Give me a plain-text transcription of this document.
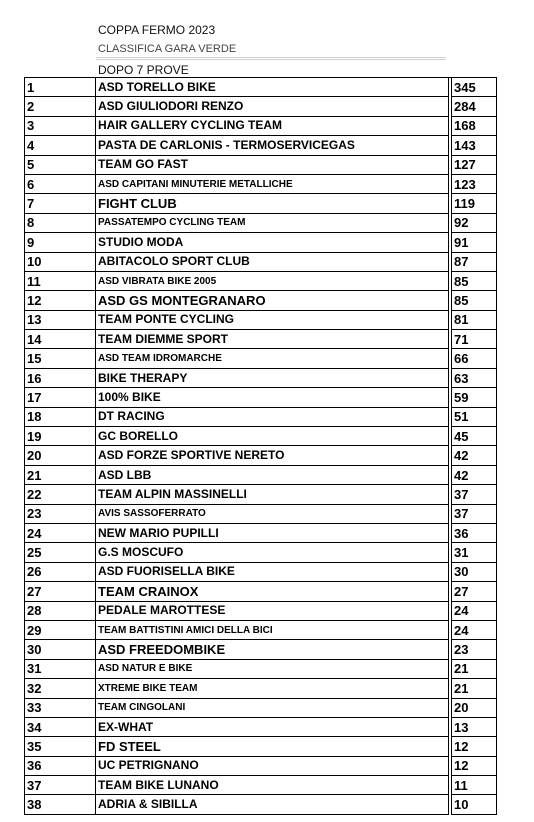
COPPA FERMO 2023
CLASSIFICA GARA VERDE
DOPO 7 PROVE
1	ASD TORELLO BIKE		345
2	ASD GIULIODORI RENZO		284
3	HAIR GALLERY CYCLING TEAM		168
4	PASTA DE CARLONIS - TERMOSERVICEGAS		143
5	TEAM GO FAST		127
6	ASD CAPITANI MINUTERIE METALLICHE		123
7	FIGHT CLUB		119
8	PASSATEMPO CYCLING TEAM		92
9	STUDIO MODA		91
10	ABITACOLO SPORT CLUB		87
11	ASD VIBRATA BIKE 2005		85
12	ASD GS MONTEGRANARO		85
13	TEAM PONTE CYCLING		81
14	TEAM DIEMME SPORT		71
15	ASD TEAM IDROMARCHE		66
16	BIKE THERAPY		63
17	100% BIKE		59
18	DT RACING		51
19	GC BORELLO		45
20	ASD FORZE SPORTIVE NERETO		42
21	ASD LBB		42
22	TEAM ALPIN MASSINELLI		37
23	AVIS SASSOFERRATO		37
24	NEW MARIO PUPILLI		36
25	G.S MOSCUFO		31
26	ASD FUORISELLA BIKE		30
27	TEAM CRAINOX		27
28	PEDALE MAROTTESE		24
29	TEAM BATTISTINI AMICI DELLA BICI		24
30	ASD FREEDOMBIKE		23
31	ASD NATUR E BIKE		21
32	XTREME BIKE TEAM		21
33	TEAM CINGOLANI		20
34	EX-WHAT		13
35	FD STEEL		12
36	UC PETRIGNANO		12
37	TEAM BIKE LUNANO		11
38	ADRIA & SIBILLA		10
